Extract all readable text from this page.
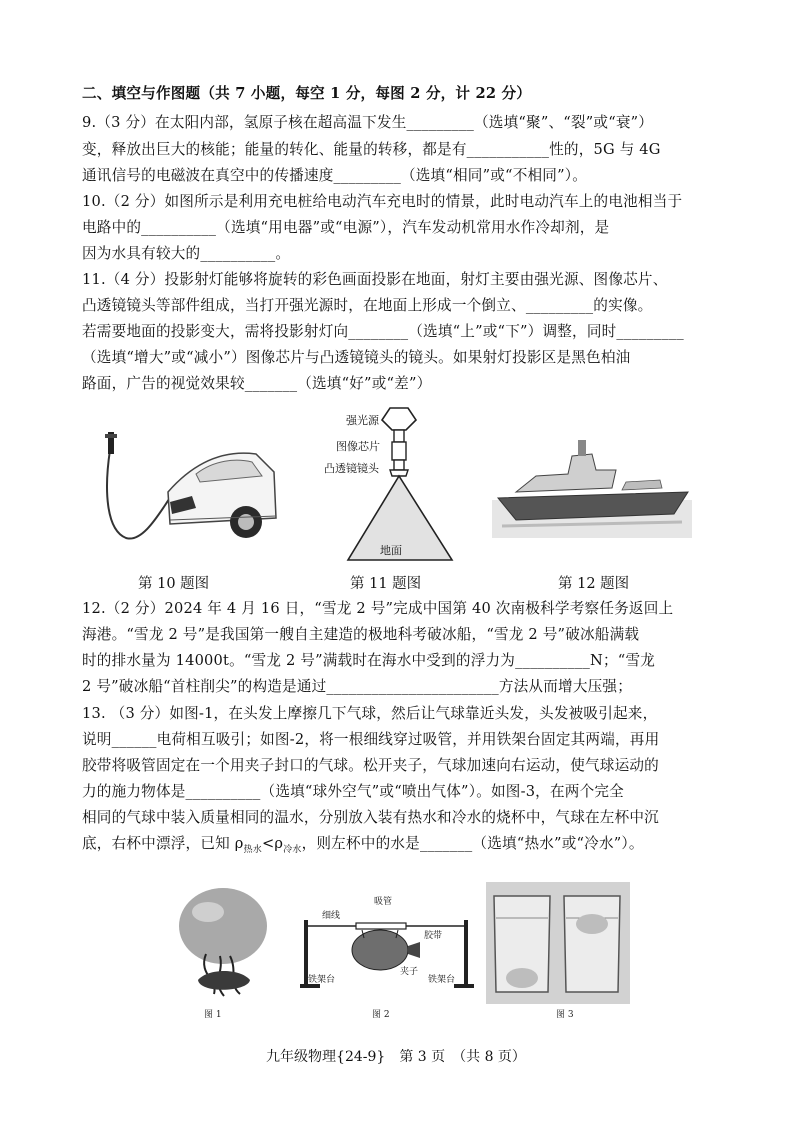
二、填空与作图题（共 7 小题，每空 1 分，每图 2 分，计 22 分）
9.（3 分）在太阳内部，氢原子核在超高温下发生_________（选填“聚”、“裂”或“衰”）
变，释放出巨大的核能；能量的转化、能量的转移，都是有___________性的，5G 与 4G
通讯信号的电磁波在真空中的传播速度_________（选填“相同”或“不相同”）。
10.（2 分）如图所示是利用充电桩给电动汽车充电时的情景，此时电动汽车上的电池相当于
电路中的__________（选填“用电器”或“电源”），汽车发动机常用水作冷却剂，是
因为水具有较大的__________。
11.（4 分）投影射灯能够将旋转的彩色画面投影在地面，射灯主要由强光源、图像芯片、
凸透镜镜头等部件组成，当打开强光源时，在地面上形成一个倒立、_________的实像。
若需要地面的投影变大，需将投影射灯向________（选填“上”或“下”）调整，同时_________
（选填“增大”或“减小”）图像芯片与凸透镜镜头的镜头。如果射灯投影区是黑色柏油
路面，广告的视觉效果较_______（选填“好”或“差”）
强光源
图像芯片
凸透镜镜头
地面
第 10 题图	第 11 题图	第 12 题图
12.（2 分）2024 年 4 月 16 日，“雪龙 2 号”完成中国第 40 次南极科学考察任务返回上
海港。“雪龙 2 号”是我国第一艘自主建造的极地科考破冰船，“雪龙 2 号”破冰船满载
时的排水量为 14000t。“雪龙 2 号”满载时在海水中受到的浮力为__________N；“雪龙
2 号”破冰船“首柱削尖”的构造是通过_______________________方法从而增大压强；
13. （3 分）如图-1，在头发上摩擦几下气球，然后让气球靠近头发，头发被吸引起来，
说明______电荷相互吸引；如图-2，将一根细线穿过吸管，并用铁架台固定其两端，再用
胶带将吸管固定在一个用夹子封口的气球。松开夹子，气球加速向右运动，使气球运动的
力的施力物体是__________（选填“球外空气”或“喷出气体”）。如图-3，在两个完全
相同的气球中装入质量相同的温水，分别放入装有热水和冷水的烧杯中，气球在左杯中沉
底，右杯中漂浮，已知 $\rho_{热水}<\rho_{冷水}$，则左杯中的水是_______（选填“热水”或“冷水”）。
吸管
细线
胶带
夹子
铁架台	铁架台
图 1	图 2	图 3
九年级物理{24-9}　第 3 页　（共 8 页）
